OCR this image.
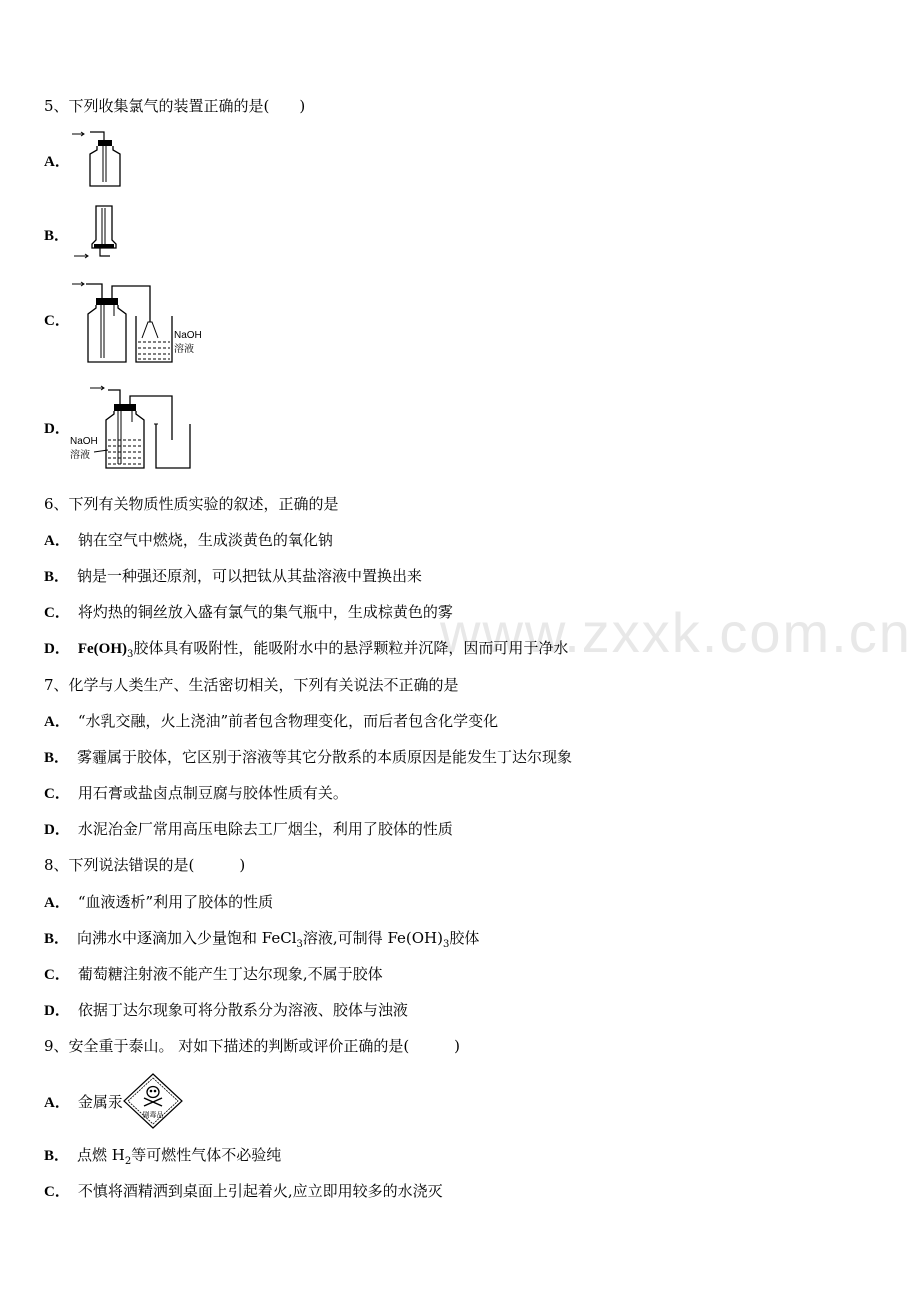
www.zxxk.com.cn
5、下列收集氯气的装置正确的是(　　)
A．
B．
C．
NaOH
溶液
D．
NaOH
溶液
6、下列有关物质性质实验的叙述，正确的是
A． 钠在空气中燃烧，生成淡黄色的氧化钠
B． 钠是一种强还原剂，可以把钛从其盐溶液中置换出来
C． 将灼热的铜丝放入盛有氯气的集气瓶中，生成棕黄色的雾
D． $Fe(OH)_3$胶体具有吸附性，能吸附水中的悬浮颗粒并沉降，因而可用于净水
7、化学与人类生产、生活密切相关，下列有关说法不正确的是
A． “水乳交融，火上浇油”前者包含物理变化，而后者包含化学变化
B． 雾霾属于胶体，它区别于溶液等其它分散系的本质原因是能发生丁达尔现象
C． 用石膏或盐卤点制豆腐与胶体性质有关。
D． 水泥冶金厂常用高压电除去工厂烟尘，利用了胶体的性质
8、下列说法错误的是(　　　)
A． “血液透析”利用了胶体的性质
B． 向沸水中逐滴加入少量饱和 FeCl$_3$溶液,可制得 $Fe(OH)_3$胶体
C． 葡萄糖注射液不能产生丁达尔现象,不属于胶体
D． 依据丁达尔现象可将分散系分为溶液、胶体与浊液
9、安全重于泰山。 对如下描述的判断或评价正确的是(　　　)
A． 金属汞
剧毒品
B． 点燃 $H_2$等可燃性气体不必验纯
C． 不慎将酒精洒到桌面上引起着火,应立即用较多的水浇灭
